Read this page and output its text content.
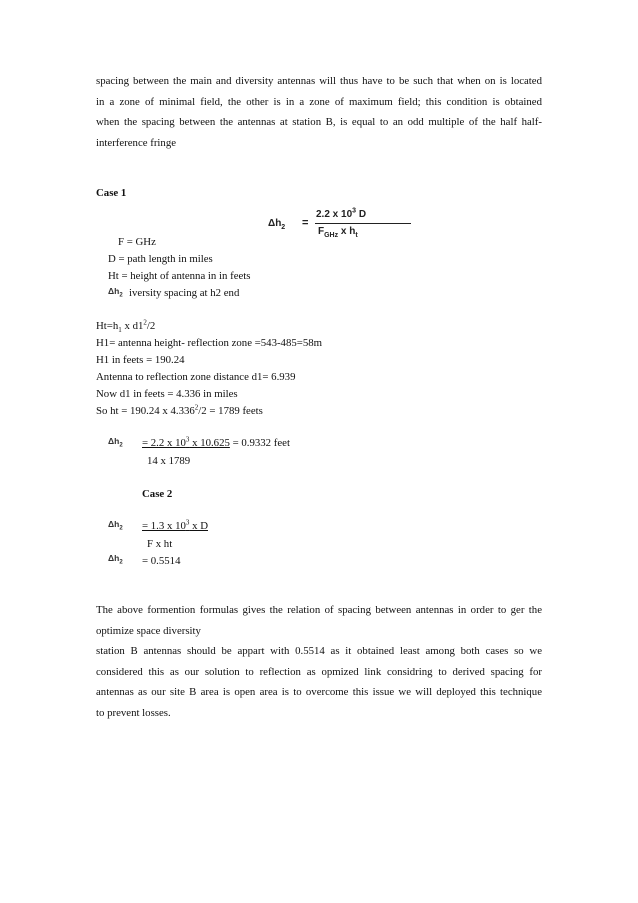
spacing between the main and diversity antennas will thus have to be such that when on is located
in a zone of minimal field, the other is in a zone of maximum field; this condition is obtained
when the spacing between the antennas at station B, is equal to an odd multiple of the half half-
interference fringe
Case 1
$\Delta h_2$ =
2.2 x $10^3$ D
$F_{GHz}$ x $h_t$
F = GHz
D = path length in miles
Ht = height of antenna in in feets
$\Delta h_2$ iversity spacing at h2 end
$Ht=h_1$ x $d1^2/2$
H1= antenna height- reflection zone =543-485=58m
H1 in feets = 190.24
Antenna to reflection zone distance d1= 6.939
Now d1 in feets = 4.336 in miles
So ht = 190.24 x $4.336^2/2 = 1789$ feets
$\Delta h_2 = 2.2$ x $10^3$ x 10.625 = 0.9332 feet
14 x 1789
Case 2
$\Delta h_2 = 1.3$ x $10^3$ x D
F x ht
$\Delta h_2 = 0.5514$
The above formention formulas gives the relation of spacing between antennas in order to ger the
optimize space diversity
station B antennas should be appart with 0.5514 as it obtained least among both cases so we
considered this as our solution to reflection as opmized link considring to derived spacing for
antennas as our site B area is open area is to overcome this issue we will deployed this technique
to prevent losses.
